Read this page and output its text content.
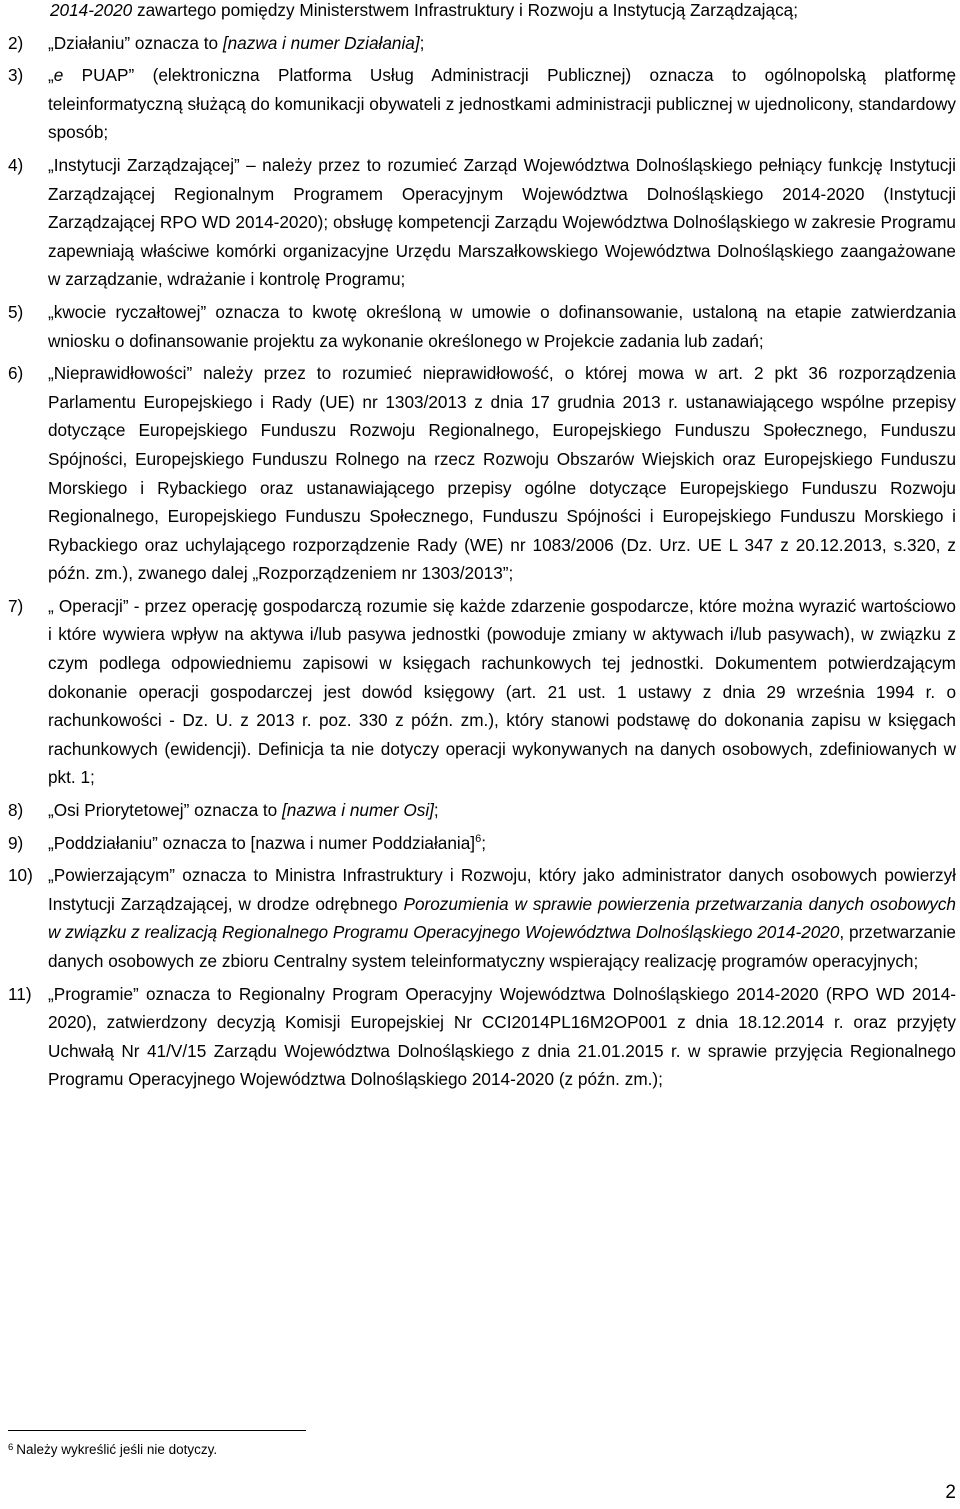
2014-2020 zawartego pomiędzy Ministerstwem Infrastruktury i Rozwoju a Instytucją Zarządzającą;

2)	„Działaniu” oznacza to [nazwa i numer Działania];
3)	„e PUAP” (elektroniczna Platforma Usług Administracji Publicznej) oznacza to ogólnopolską platformę teleinformatyczną służącą do komunikacji obywateli z jednostkami administracji publicznej w ujednolicony, standardowy sposób;
4)	„Instytucji Zarządzającej” – należy przez to rozumieć Zarząd Województwa Dolnośląskiego pełniący funkcję Instytucji Zarządzającej Regionalnym Programem Operacyjnym Województwa Dolnośląskiego 2014-2020 (Instytucji Zarządzającej RPO WD 2014-2020); obsługę kompetencji Zarządu Województwa Dolnośląskiego w zakresie Programu zapewniają właściwe komórki organizacyjne Urzędu Marszałkowskiego Województwa Dolnośląskiego zaangażowane w zarządzanie, wdrażanie i kontrolę Programu;
5)	„kwocie ryczałtowej” oznacza to kwotę określoną w umowie o dofinansowanie, ustaloną na etapie zatwierdzania wniosku o dofinansowanie projektu za wykonanie określonego w Projekcie zadania lub zadań;
6)	„Nieprawidłowości” należy przez to rozumieć nieprawidłowość, o której mowa w art. 2 pkt 36 rozporządzenia Parlamentu Europejskiego i Rady (UE) nr 1303/2013 z dnia 17 grudnia 2013 r. ustanawiającego wspólne przepisy dotyczące Europejskiego Funduszu Rozwoju Regionalnego, Europejskiego Funduszu Społecznego, Funduszu Spójności, Europejskiego Funduszu Rolnego na rzecz Rozwoju Obszarów Wiejskich oraz Europejskiego Funduszu Morskiego i Rybackiego oraz ustanawiającego przepisy ogólne dotyczące Europejskiego Funduszu Rozwoju Regionalnego, Europejskiego Funduszu Społecznego, Funduszu Spójności i Europejskiego Funduszu Morskiego i Rybackiego oraz uchylającego rozporządzenie Rady (WE) nr 1083/2006 (Dz. Urz. UE L 347 z 20.12.2013, s.320, z późn. zm.), zwanego dalej „Rozporządzeniem nr 1303/2013”;
7)	„ Operacji” - przez operację gospodarczą rozumie się każde zdarzenie gospodarcze, które można wyrazić wartościowo i które wywiera wpływ na aktywa i/lub pasywa jednostki (powoduje zmiany w aktywach i/lub pasywach), w związku z czym podlega odpowiedniemu zapisowi w księgach rachunkowych tej jednostki. Dokumentem potwierdzającym dokonanie operacji gospodarczej jest dowód księgowy (art. 21 ust. 1 ustawy z dnia 29 września 1994 r. o rachunkowości - Dz. U. z 2013 r. poz. 330 z późn. zm.), który stanowi podstawę do dokonania zapisu w księgach rachunkowych (ewidencji). Definicja ta nie dotyczy operacji wykonywanych na danych osobowych, zdefiniowanych w pkt. 1;
8)	„Osi Priorytetowej” oznacza to [nazwa i numer Osi];
9)	„Poddziałaniu” oznacza to [nazwa i numer Poddziałania]$^6$;
10) „Powierzającym” oznacza to Ministra Infrastruktury i Rozwoju, który jako administrator danych osobowych powierzył Instytucji Zarządzającej, w drodze odrębnego Porozumienia w sprawie powierzenia przetwarzania danych osobowych w związku z realizacją Regionalnego Programu Operacyjnego Województwa Dolnośląskiego 2014-2020, przetwarzanie danych osobowych ze zbioru Centralny system teleinformatyczny wspierający realizację programów operacyjnych;
11) „Programie” oznacza to Regionalny Program Operacyjny Województwa Dolnośląskiego 2014-2020 (RPO WD 2014-2020), zatwierdzony decyzją Komisji Europejskiej Nr CCI2014PL16M2OP001 z dnia 18.12.2014 r. oraz przyjęty Uchwałą Nr 41/V/15 Zarządu Województwa Dolnośląskiego z dnia 21.01.2015 r. w sprawie przyjęcia Regionalnego Programu Operacyjnego Województwa Dolnośląskiego 2014-2020 (z późn. zm.);
$^6$ Należy wykreślić jeśli nie dotyczy.
2
